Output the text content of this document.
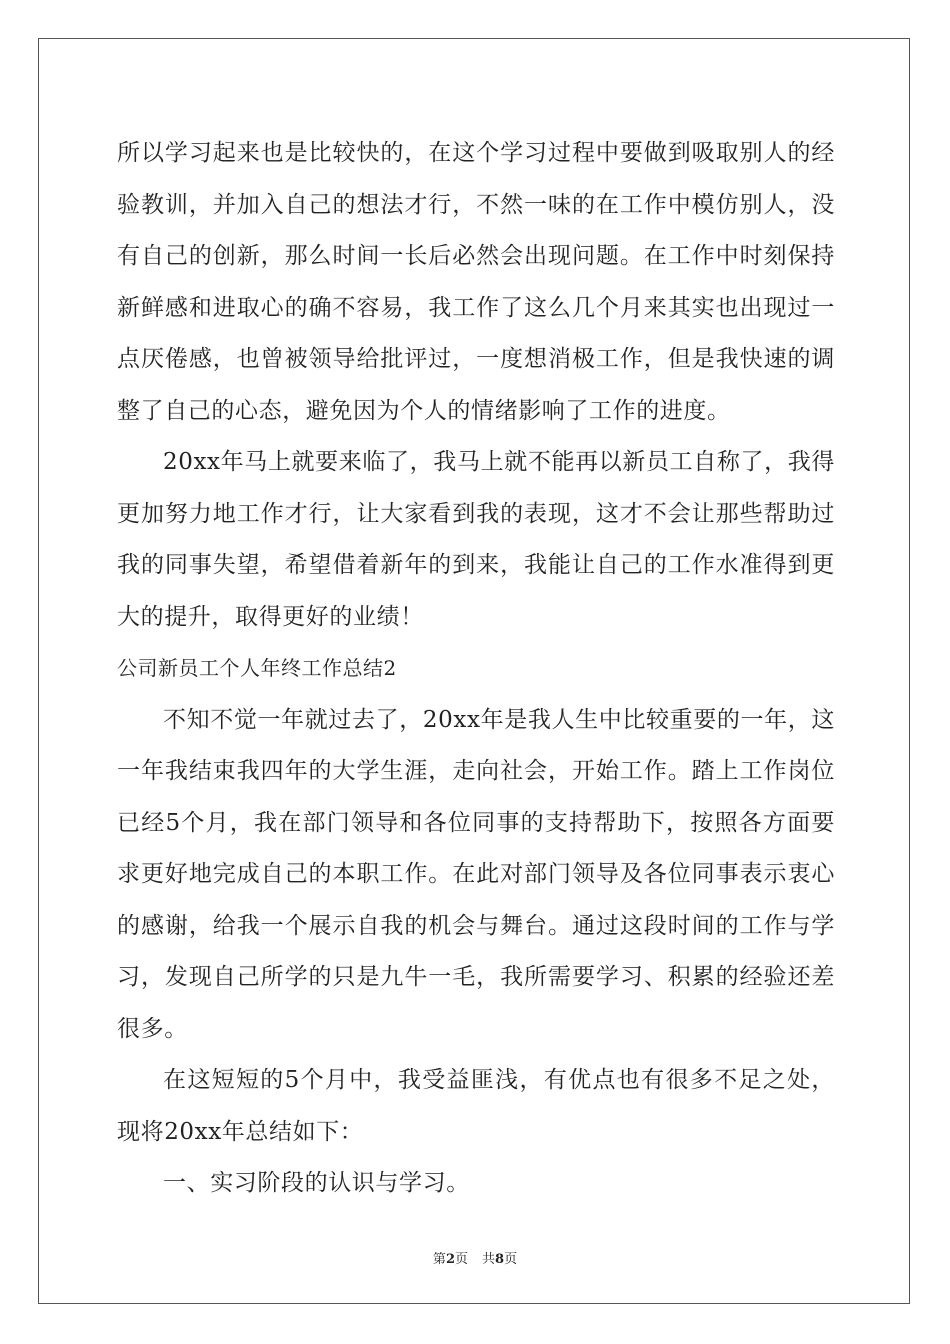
所以学习起来也是比较快的，在这个学习过程中要做到吸取别人的经验教训，并加入自己的想法才行，不然一味的在工作中模仿别人，没有自己的创新，那么时间一长后必然会出现问题。在工作中时刻保持新鲜感和进取心的确不容易，我工作了这么几个月来其实也出现过一点厌倦感，也曾被领导给批评过，一度想消极工作，但是我快速的调整了自己的心态，避免因为个人的情绪影响了工作的进度。

20xx年马上就要来临了，我马上就不能再以新员工自称了，我得更加努力地工作才行，让大家看到我的表现，这才不会让那些帮助过我的同事失望，希望借着新年的到来，我能让自己的工作水准得到更大的提升，取得更好的业绩！

公司新员工个人年终工作总结2

不知不觉一年就过去了，20xx年是我人生中比较重要的一年，这一年我结束我四年的大学生涯，走向社会，开始工作。踏上工作岗位已经5个月，我在部门领导和各位同事的支持帮助下，按照各方面要求更好地完成自己的本职工作。在此对部门领导及各位同事表示衷心的感谢，给我一个展示自我的机会与舞台。通过这段时间的工作与学习，发现自己所学的只是九牛一毛，我所需要学习、积累的经验还差很多。

在这短短的5个月中，我受益匪浅，有优点也有很多不足之处，现将20xx年总结如下：

一、实习阶段的认识与学习。

第2页 共8页
